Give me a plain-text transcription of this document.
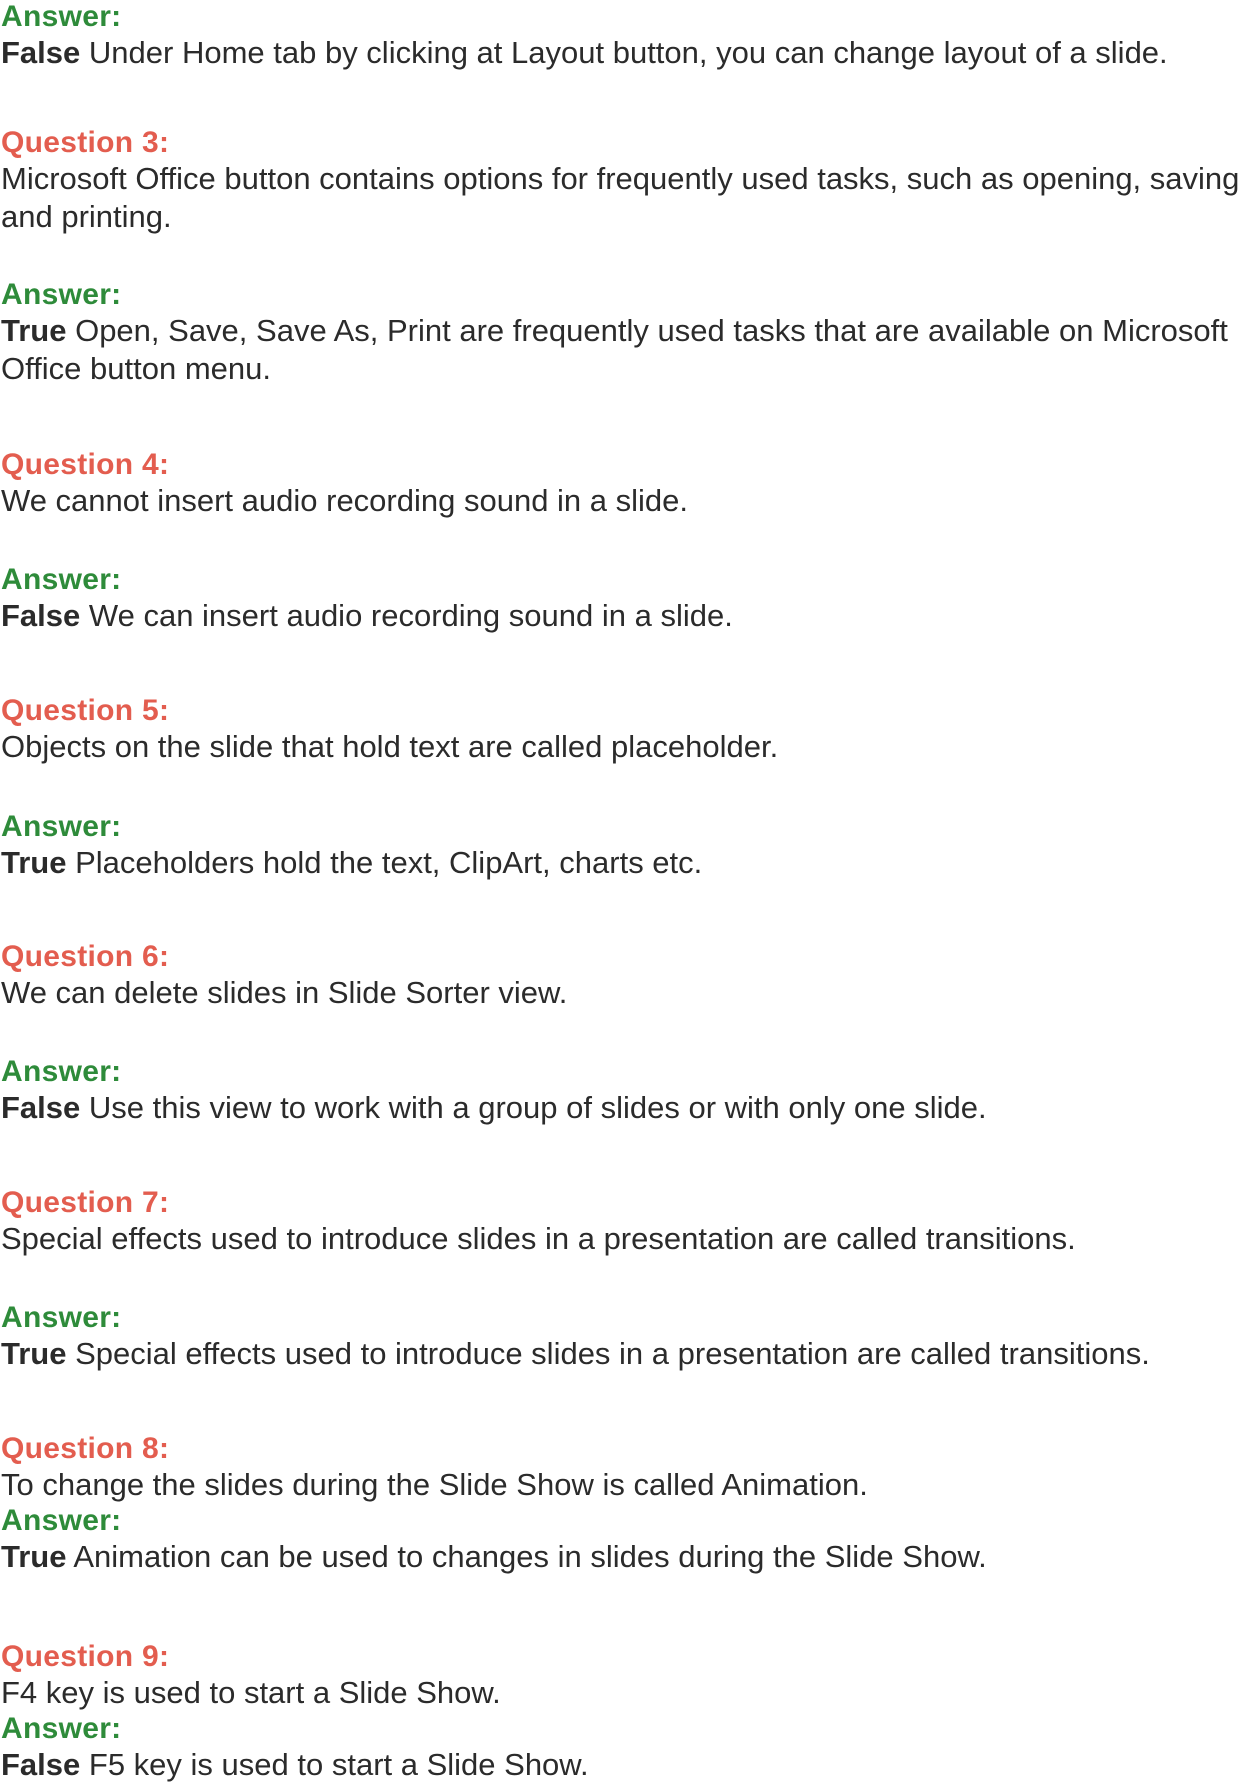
Answer:

False Under Home tab by clicking at Layout button, you can change layout of a slide.

Question 3:

Microsoft Office button contains options for frequently used tasks, such as opening, saving and printing.

Answer:

True Open, Save, Save As, Print are frequently used tasks that are available on Microsoft Office button menu.

Question 4:

We cannot insert audio recording sound in a slide.

Answer:

False We can insert audio recording sound in a slide.

Question 5:

Objects on the slide that hold text are called placeholder.

Answer:

True Placeholders hold the text, ClipArt, charts etc.

Question 6:

We can delete slides in Slide Sorter view.

Answer:

False Use this view to work with a group of slides or with only one slide.

Question 7:

Special effects used to introduce slides in a presentation are called transitions.

Answer:

True Special effects used to introduce slides in a presentation are called transitions.

Question 8:

To change the slides during the Slide Show is called Animation.

Answer:

True Animation can be used to changes in slides during the Slide Show.

Question 9:

F4 key is used to start a Slide Show.

Answer:

False F5 key is used to start a Slide Show.
